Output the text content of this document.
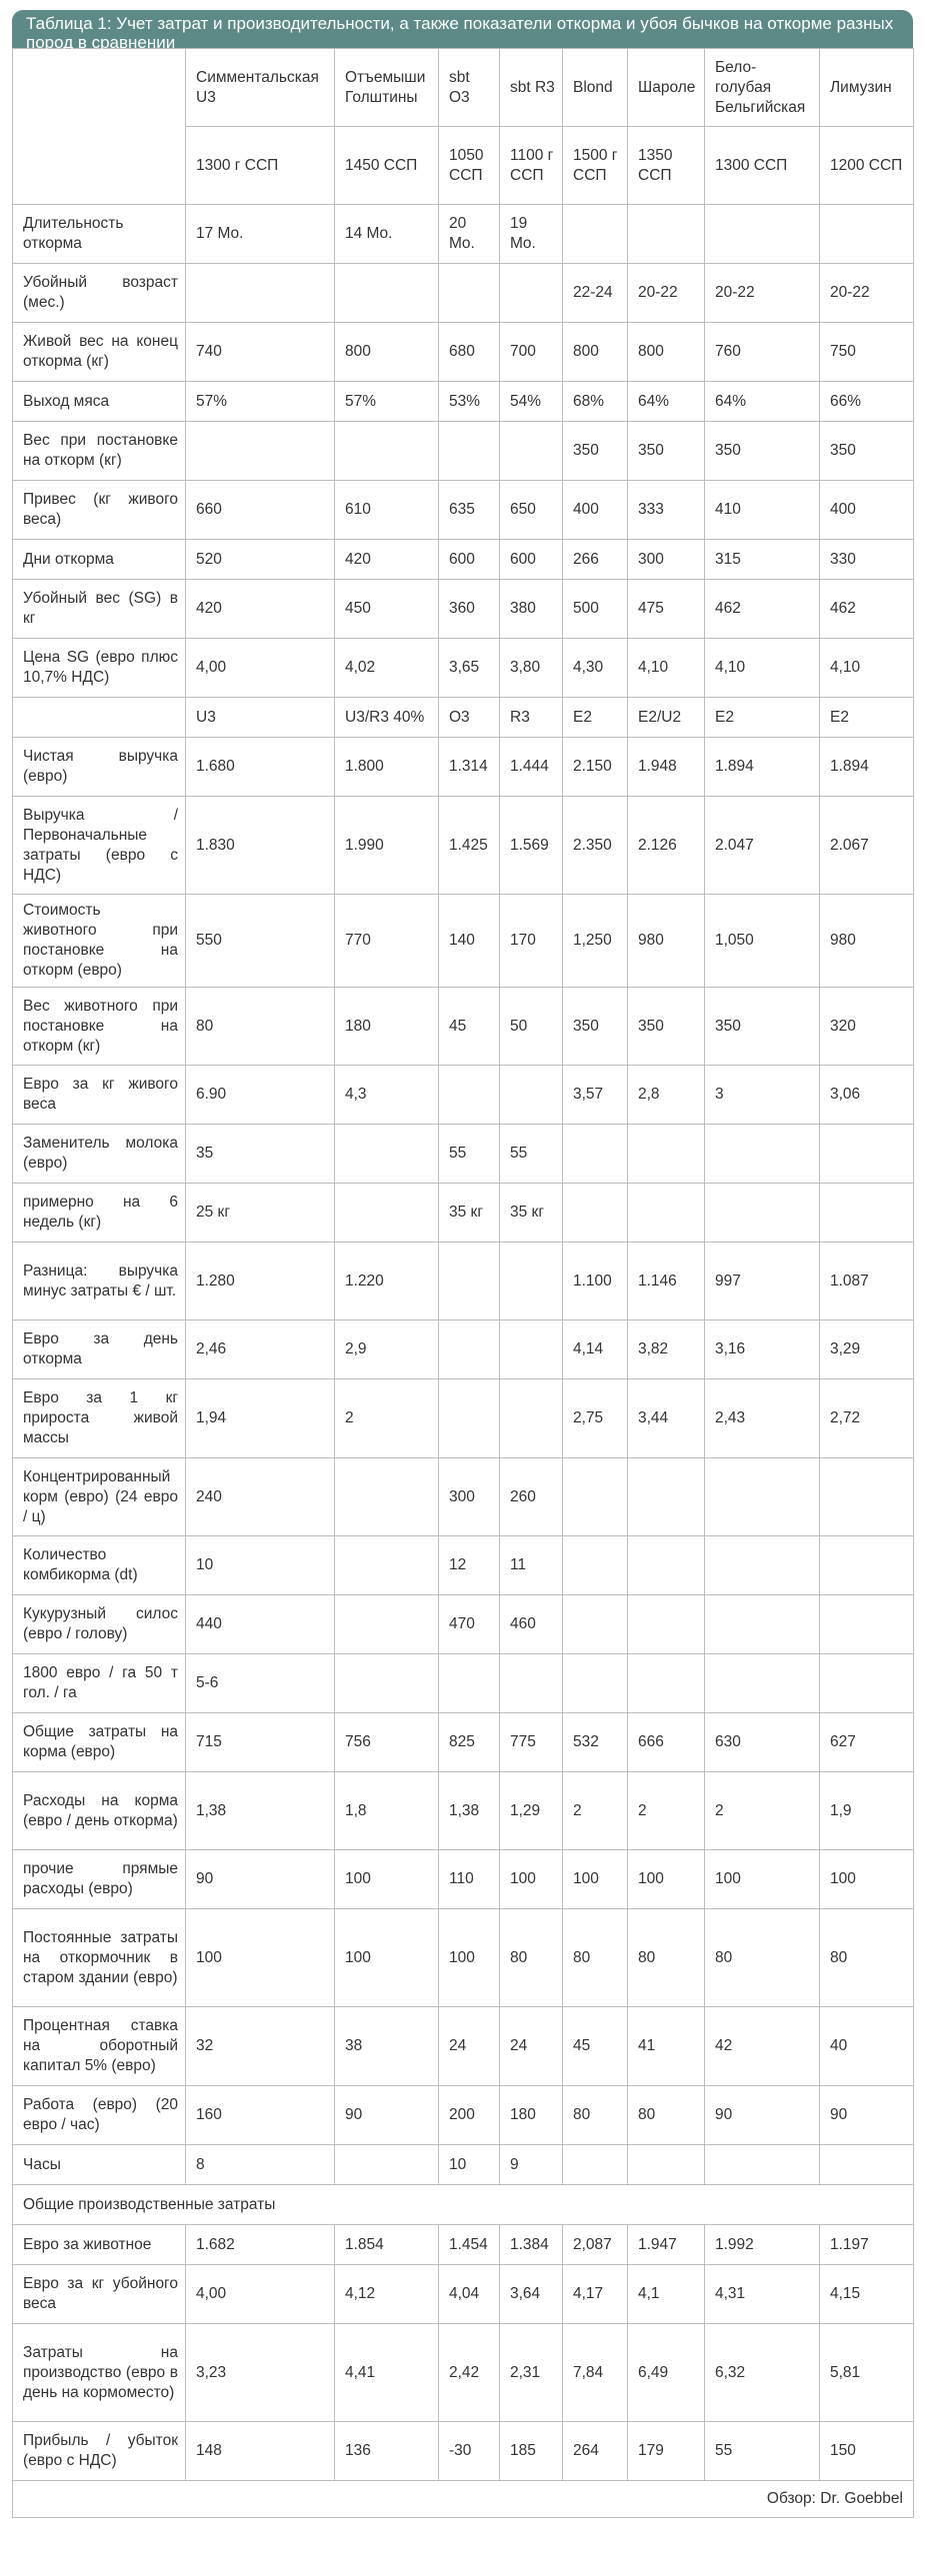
Таблица 1: Учет затрат и производительности, а также показатели откорма и убоя бычков на откорме разных пород в сравнении
	Симментальская U3	Отъемыши Голштины	sbt O3	sbt R3	Blond	Шароле	Бело-голубая Бельгийская	Лимузин
	1300 г ССП	1450 ССП	1050 ССП	1100 г ССП	1500 г ССП	1350 ССП	1300 ССП	1200 ССП
Длительность откорма	17 Mo.	14 Mo.	20 Mo.	19 Mo.				
Убойный возраст (мес.)					22-24	20-22	20-22	20-22
Живой вес на конец откорма (кг)	740	800	680	700	800	800	760	750
Выход мяса	57%	57%	53%	54%	68%	64%	64%	66%
Вес при постановке на откорм (кг)					350	350	350	350
Привес (кг живого веса)	660	610	635	650	400	333	410	400
Дни откорма	520	420	600	600	266	300	315	330
Убойный вес (SG) в кг	420	450	360	380	500	475	462	462
Цена SG (евро плюс 10,7% НДС)	4,00	4,02	3,65	3,80	4,30	4,10	4,10	4,10
	U3	U3/R3 40%	O3	R3	E2	E2/U2	E2	E2
Чистая выручка (евро)	1.680	1.800	1.314	1.444	2.150	1.948	1.894	1.894
Выручка / Первоначальные затраты (евро с НДС)	1.830	1.990	1.425	1.569	2.350	2.126	2.047	2.067
Стоимость животного при постановке на откорм (евро)	550	770	140	170	1,250	980	1,050	980
Вес животного при постановке на откорм (кг)	80	180	45	50	350	350	350	320
Евро за кг живого веса	6.90	4,3			3,57	2,8	3	3,06
Заменитель молока (евро)	35		55	55				
примерно на 6 недель (кг)	25 кг		35 кг	35 кг				
Разница: выручка минус затраты € / шт.	1.280	1.220			1.100	1.146	997	1.087
Евро за день откорма	2,46	2,9			4,14	3,82	3,16	3,29
Евро за 1 кг прироста живой массы	1,94	2			2,75	3,44	2,43	2,72
Концентрированный корм (евро) (24 евро / ц)	240		300	260				
Количество комбикорма (dt)	10		12	11				
Кукурузный силос (евро / голову)	440		470	460				
1800 евро / га 50 т гол. / га	5-6							
Общие затраты на корма (евро)	715	756	825	775	532	666	630	627
Расходы на корма (евро / день откорма)	1,38	1,8	1,38	1,29	2	2	2	1,9
прочие прямые расходы (евро)	90	100	110	100	100	100	100	100
Постоянные затраты на откормочник в старом здании (евро)	100	100	100	80	80	80	80	80
Процентная ставка на оборотный капитал 5% (евро)	32	38	24	24	45	41	42	40
Работа (евро) (20 евро / час)	160	90	200	180	80	80	90	90
Часы	8		10	9				
Общие производственные затраты								
Евро за животное	1.682	1.854	1.454	1.384	2,087	1.947	1.992	1.197
Евро за кг убойного веса	4,00	4,12	4,04	3,64	4,17	4,1	4,31	4,15
Затраты на производство (евро в день на кормоместо)	3,23	4,41	2,42	2,31	7,84	6,49	6,32	5,81
Прибыль / убыток (евро с НДС)	148	136	-30	185	264	179	55	150
Обзор: Dr. Goebbel								
